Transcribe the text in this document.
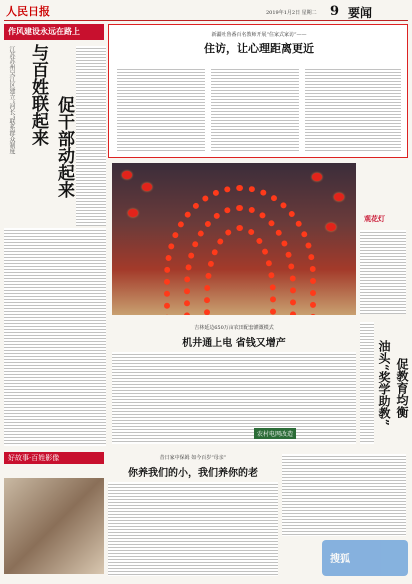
人民日报	2019年1月2日 星期二 9 要闻
作风建设永远在路上
江苏苏州吴江区建立“河长”联系群众制度 与百姓联起来
促干部动起来
新疆吐鲁番百名教师开展“住家式家访”——
住访，让心理距离更近
观花灯
吉林延边650万亩农田配套灌溉模式
机井通上电 省钱又增产
农村电网改造
油头“奖学助教” 促教育均衡
好故事·百姓影像	昔日家中保姆 如今百岁“母亲”
你养我们的小，我们养你的老
搜狐
